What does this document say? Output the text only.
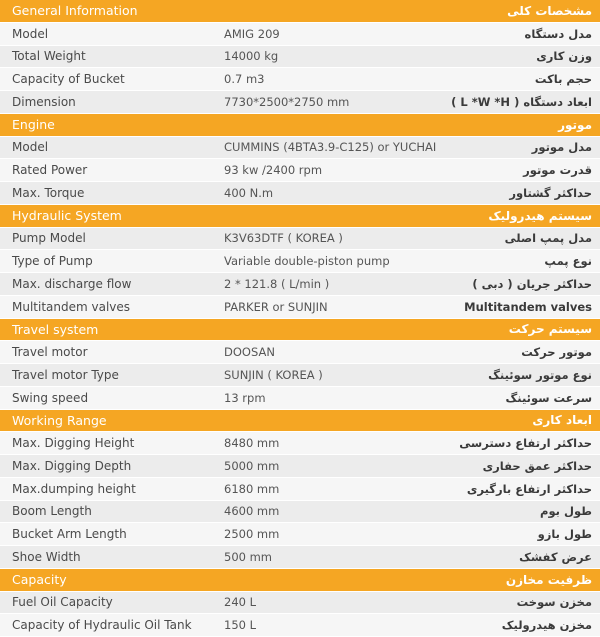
General Information	مشخصات کلی
Model	AMIG 209	مدل دستگاه
Total Weight	14000 kg	وزن کاری
Capacity of Bucket	0.7 m3	حجم باکت
Dimension	7730*2500*2750 mm	ابعاد دستگاه ( L *W *H )
Engine	موتور
Model	CUMMINS (4BTA3.9-C125) or YUCHAI	مدل موتور
Rated Power	93 kw /2400 rpm	قدرت موتور
Max. Torque	400 N.m	حداکثر گشتاور
Hydraulic System	سیستم هیدرولیک
Pump Model	K3V63DTF ( KOREA )	مدل پمپ اصلی
Type of Pump	Variable double-piston pump	نوع پمپ
Max. discharge flow	2 * 121.8 ( L/min )	حداکثر جریان ( دبی )
Multitandem valves	PARKER or SUNJIN	Multitandem valves
Travel system	سیستم حرکت
Travel motor	DOOSAN	موتور حرکت
Travel motor Type	SUNJIN ( KOREA )	نوع موتور سوئینگ
Swing speed	13 rpm	سرعت سوئینگ
Working Range	ابعاد کاری
Max. Digging Height	8480 mm	حداکثر ارتفاع دسترسی
Max. Digging Depth	5000 mm	حداکثر عمق حفاری
Max.dumping height	6180 mm	حداکثر ارتفاع بارگیری
Boom Length	4600 mm	طول بوم
Bucket Arm Length	2500 mm	طول بازو
Shoe Width	500 mm	عرض کفشک
Capacity	ظرفیت مخازن
Fuel Oil Capacity	240 L	مخزن سوخت
Capacity of Hydraulic Oil Tank	150 L	مخزن هیدرولیک
